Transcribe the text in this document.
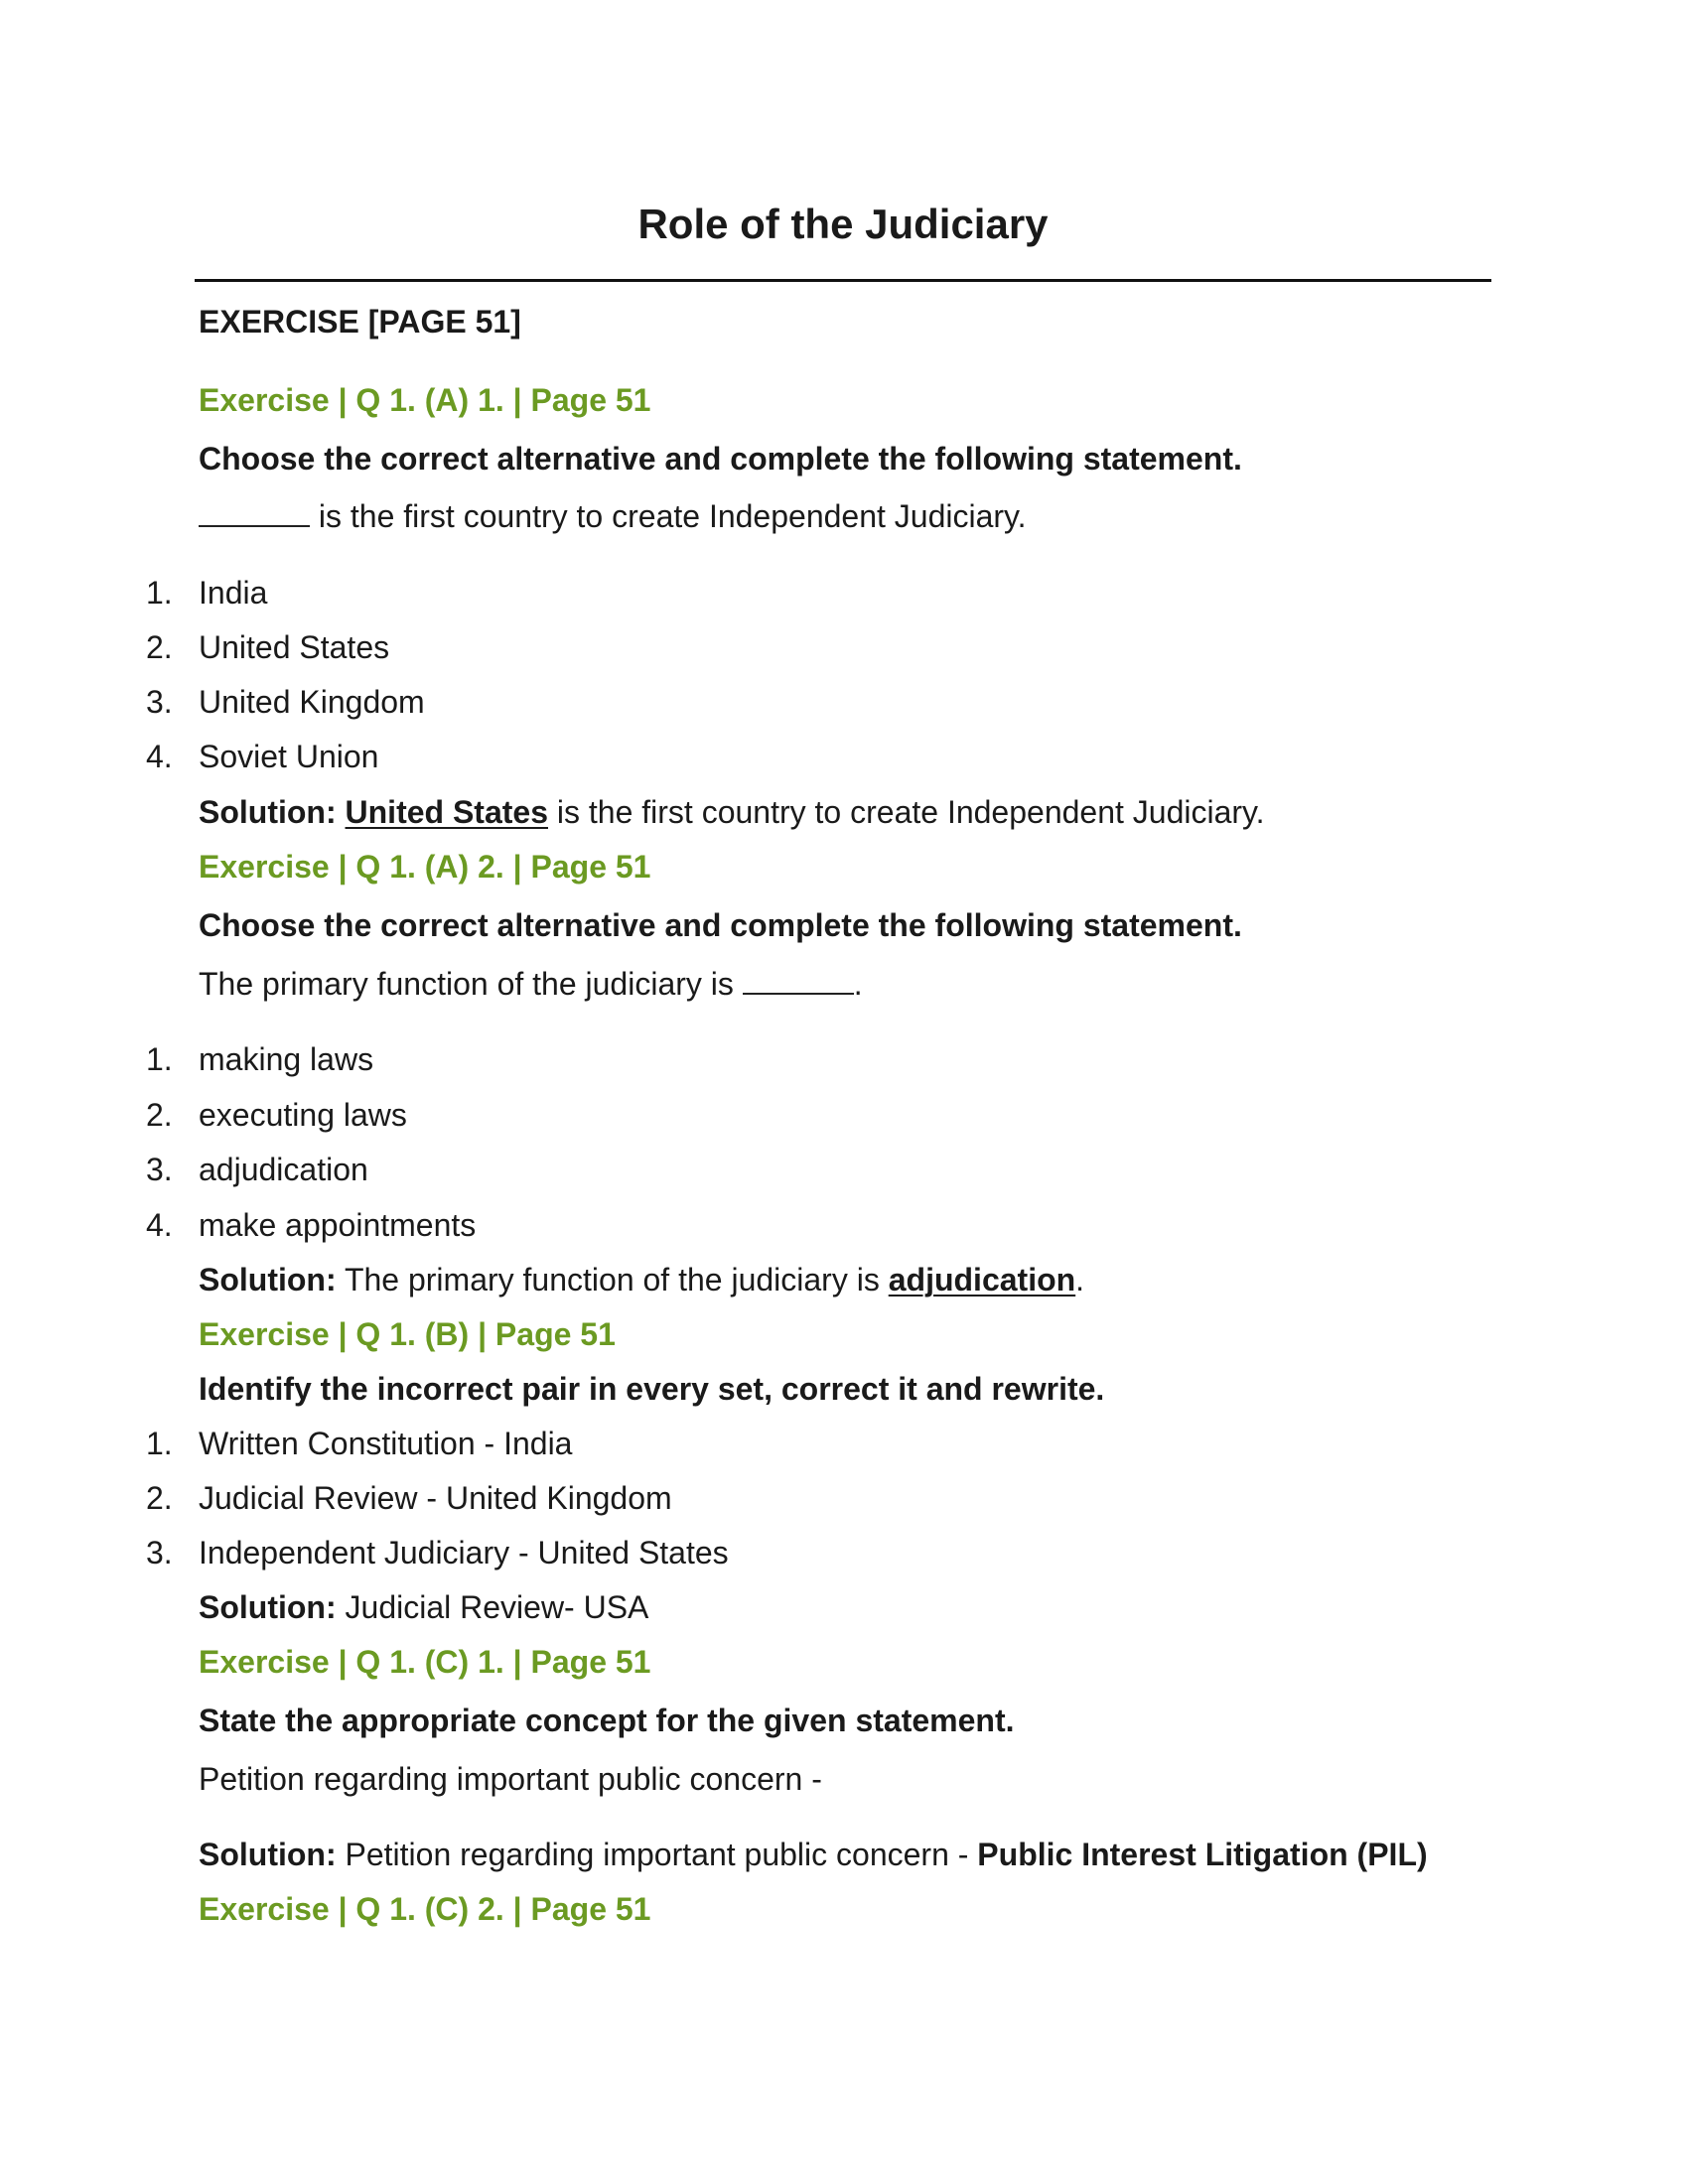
Role of the Judiciary
EXERCISE [PAGE 51]
Exercise | Q 1. (A) 1. | Page 51
Choose the correct alternative and complete the following statement.
is the first country to create Independent Judiciary.
1. India
2. United States
3. United Kingdom
4. Soviet Union
Solution: United States is the first country to create Independent Judiciary.
Exercise | Q 1. (A) 2. | Page 51
Choose the correct alternative and complete the following statement.
The primary function of the judiciary is	.
1. making laws
2. executing laws
3. adjudication
4. make appointments
Solution: The primary function of the judiciary is adjudication.
Exercise | Q 1. (B) | Page 51
Identify the incorrect pair in every set, correct it and rewrite.
1. Written Constitution - India
2. Judicial Review - United Kingdom
3. Independent Judiciary - United States
Solution: Judicial Review- USA
Exercise | Q 1. (C) 1. | Page 51
State the appropriate concept for the given statement.
Petition regarding important public concern -
Solution: Petition regarding important public concern - Public Interest Litigation (PIL)
Exercise | Q 1. (C) 2. | Page 51
